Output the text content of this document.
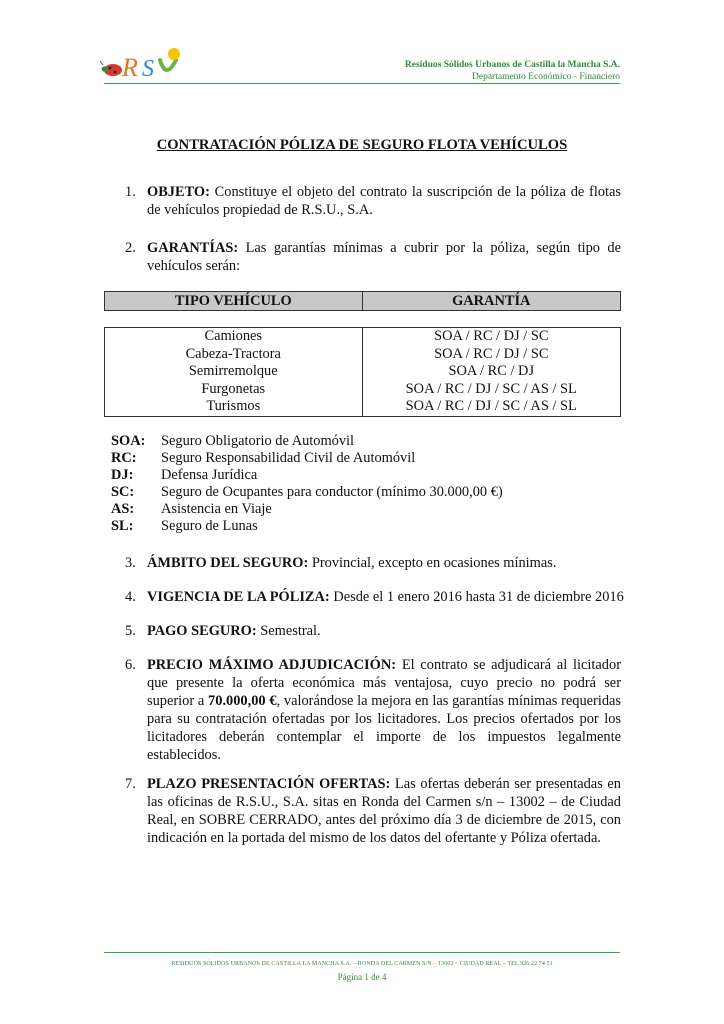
R S	Residuos Sólidos Urbanos de Castilla la Mancha S.A.
Departamento Económico - Financiero
CONTRATACIÓN PÓLIZA DE SEGURO FLOTA VEHÍCULOS
1. OBJETO: Constituye el objeto del contrato la suscripción de la póliza de flotas de vehículos propiedad de R.S.U., S.A.
2. GARANTÍAS: Las garantías mínimas a cubrir por la póliza, según tipo de vehículos serán:
TIPO VEHÍCULO	GARANTÍA

Camiones	SOA / RC / DJ / SC
Cabeza-Tractora	SOA / RC / DJ / SC
Semirremolque	SOA / RC / DJ
Furgonetas	SOA / RC / DJ / SC / AS / SL
Turismos	SOA / RC / DJ / SC / AS / SL
SOA:	Seguro Obligatorio de Automóvil
RC:	Seguro Responsabilidad Civil de Automóvil
DJ:	Defensa Jurídica
SC:	Seguro de Ocupantes para conductor (mínimo 30.000,00 €)
AS:	Asistencia en Viaje
SL:	Seguro de Lunas
3. ÁMBITO DEL SEGURO: Provincial, excepto en ocasiones mínimas.
4. VIGENCIA DE LA PÓLIZA: Desde el 1 enero 2016 hasta 31 de diciembre 2016
5. PAGO SEGURO: Semestral.
6. PRECIO MÁXIMO ADJUDICACIÓN: El contrato se adjudicará al licitador que presente la oferta económica más ventajosa, cuyo precio no podrá ser superior a 70.000,00 €, valorándose la mejora en las garantías mínimas requeridas para su contratación ofertadas por los licitadores. Los precios ofertados por los licitadores deberán contemplar el importe de los impuestos legalmente establecidos.
7. PLAZO PRESENTACIÓN OFERTAS: Las ofertas deberán ser presentadas en las oficinas de R.S.U., S.A. sitas en Ronda del Carmen s/n – 13002 – de Ciudad Real, en SOBRE CERRADO, antes del próximo día 3 de diciembre de 2015, con indicación en la portada del mismo de los datos del ofertante y Póliza ofertada.
RESIDUOS SÓLIDOS URBANOS DE CASTILLA LA MANCHA S.A. – RONDA DEL CARMEN S/N – 13002 – CIUDAD REAL – TEL 926 22 74 51
Página 1 de 4
